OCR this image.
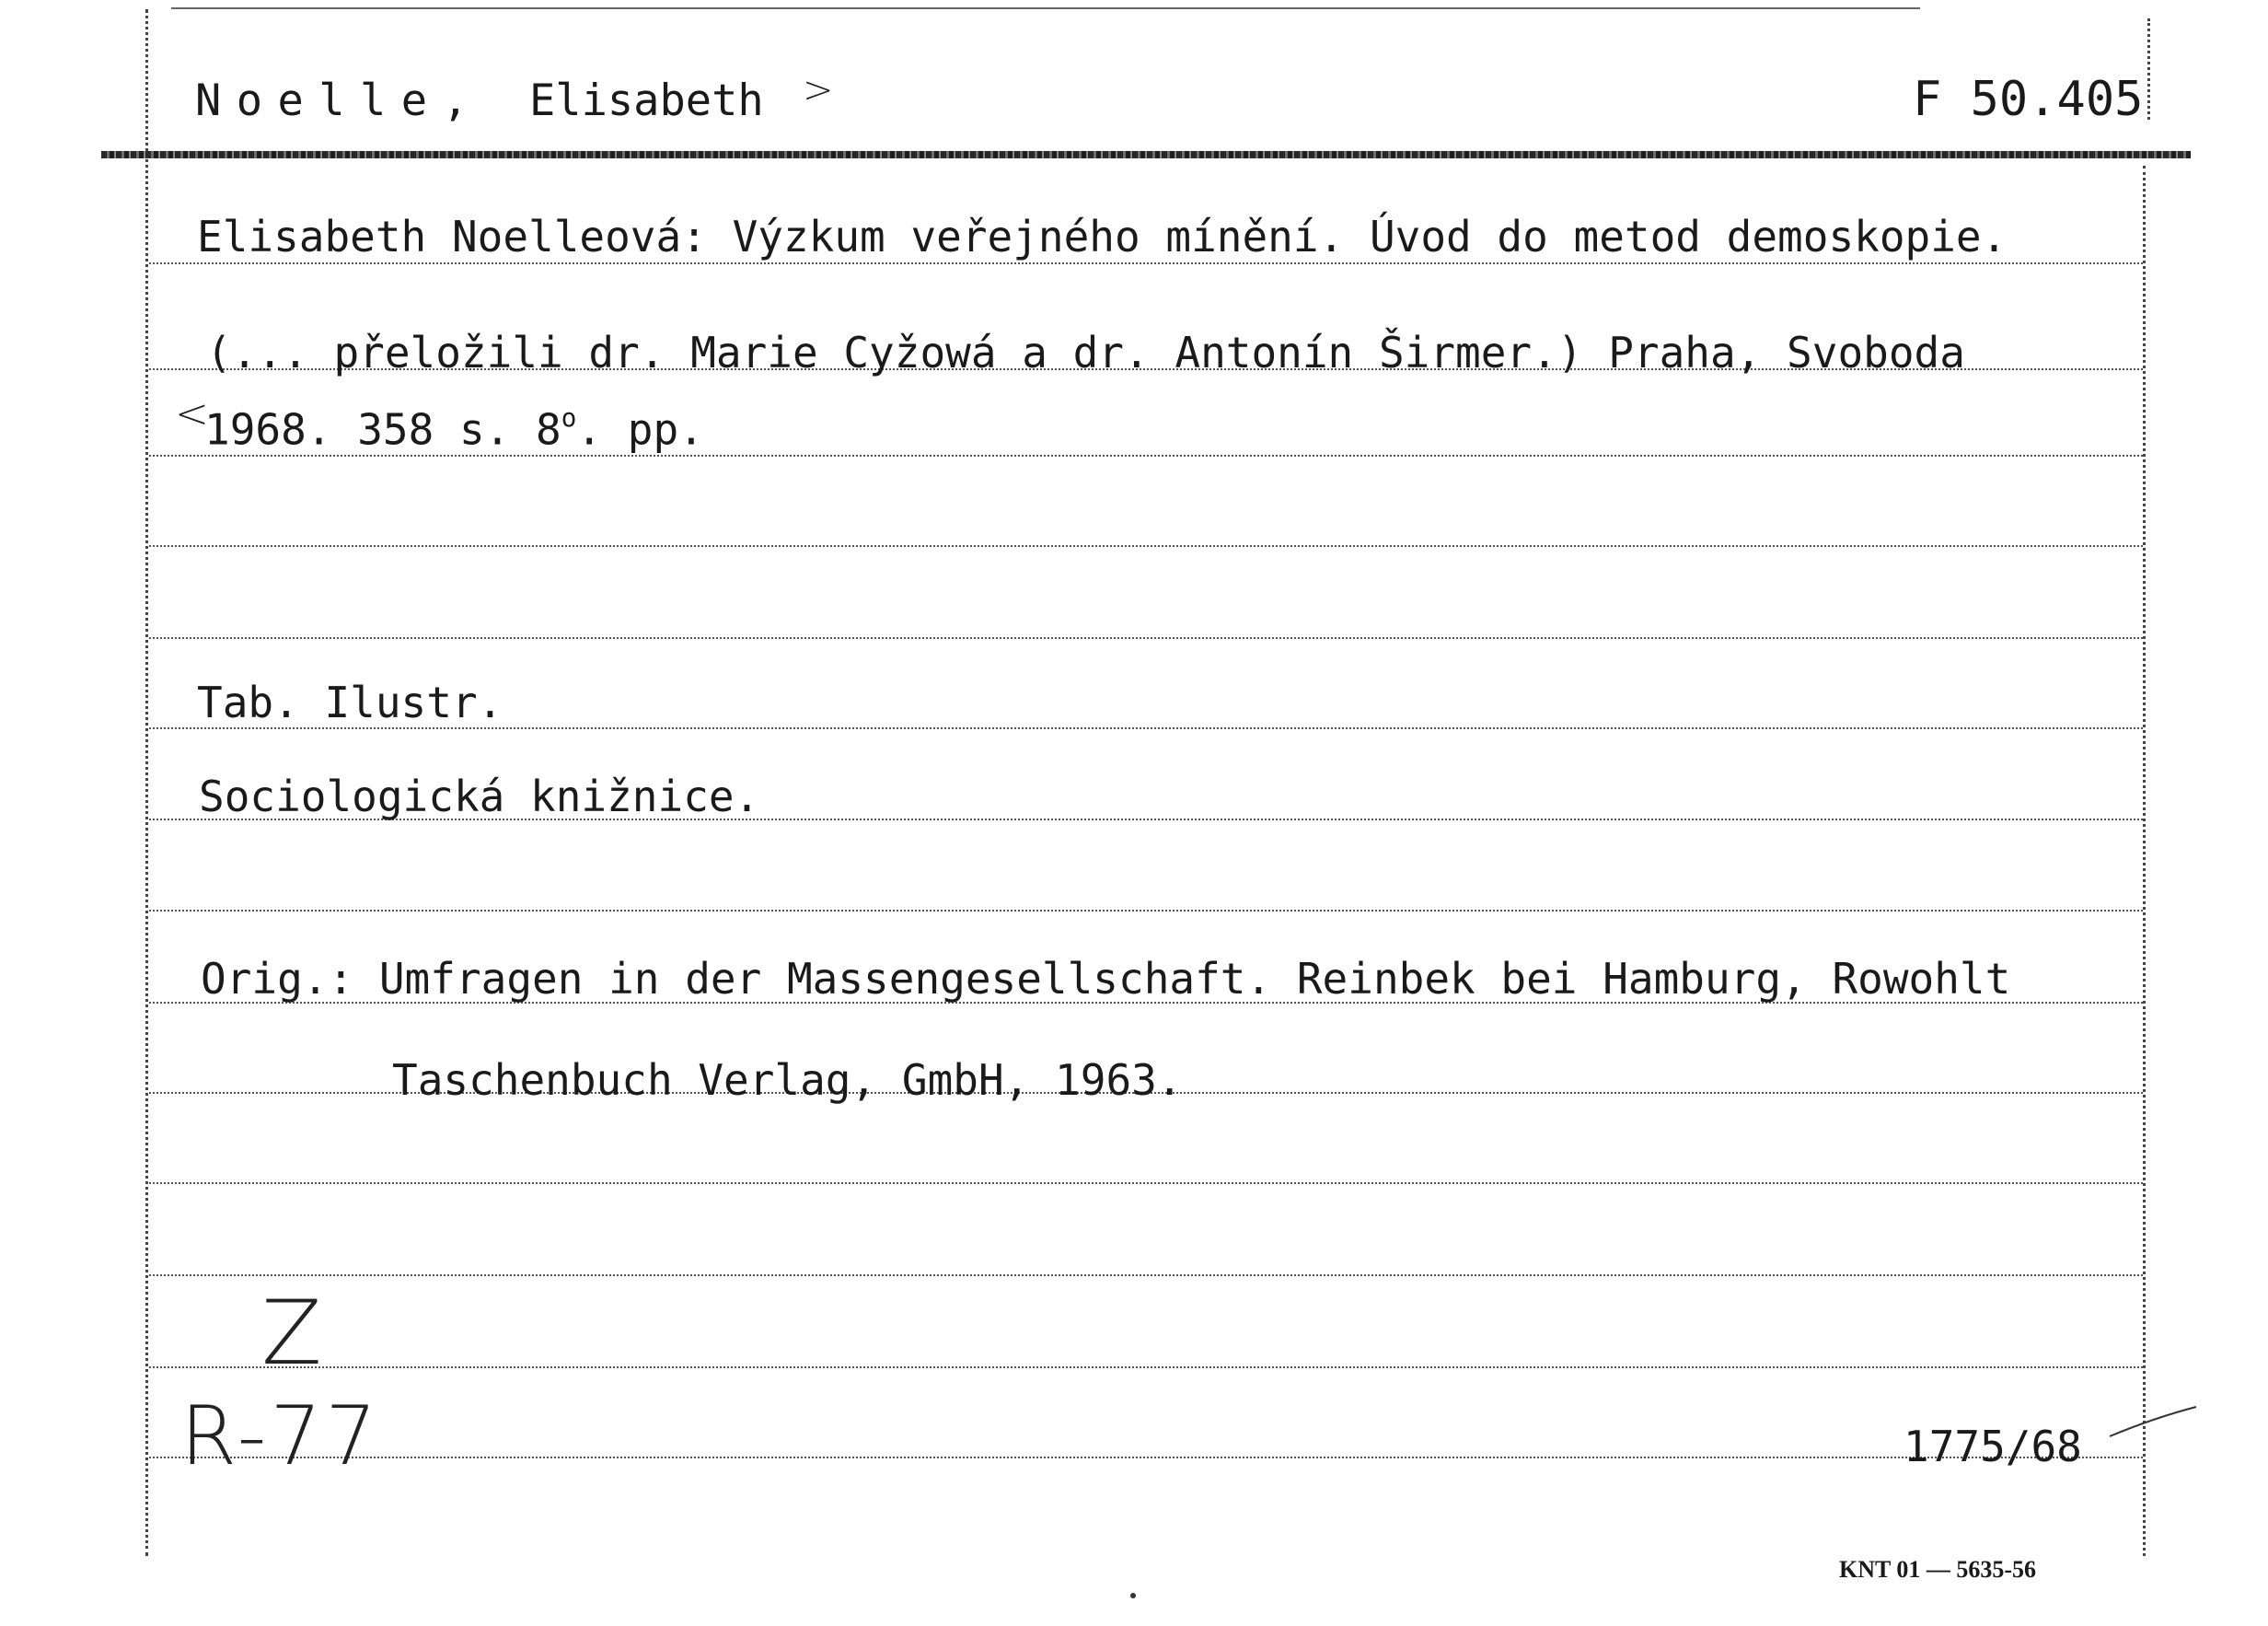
Noelle, Elisabeth >	F 50.405
Elisabeth Noelleová: Výzkum veřejného mínění. Úvod do metod demoskopie.
(... přeložili dr. Marie Cyžowá a dr. Antonín Širmer.) Praha, Svoboda
<
1968. 358 s. 8$^o$. pp.
Tab. Ilustr.
Sociologická knižnice.
Orig.: Umfragen in der Massengesellschaft. Reinbek bei Hamburg, Rowohlt
Taschenbuch Verlag, GmbH, 1963.
Z
R-77	1775/68
KNT 01 — 5635-56
